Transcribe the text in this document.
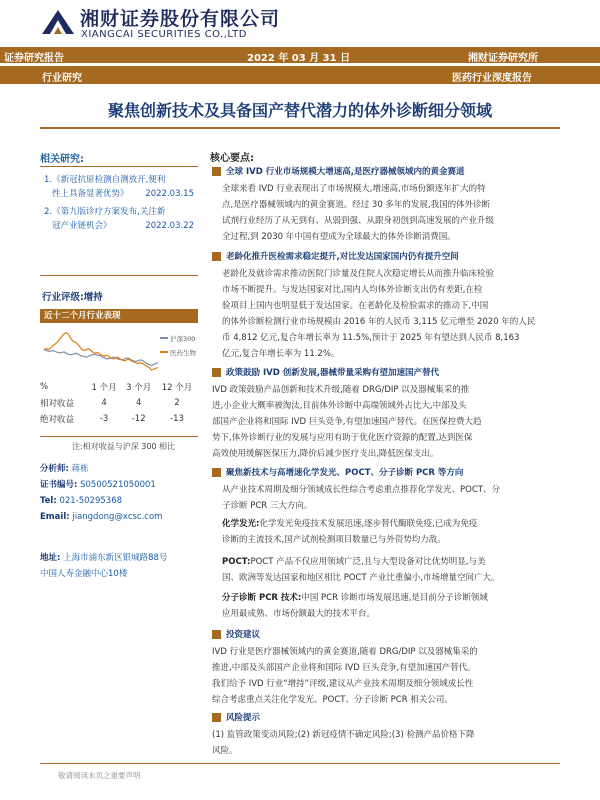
湘财证券股份有限公司
XIANGCAI SECURITIES CO.,LTD
证券研究报告	2022 年 03 月 31 日	湘财证券研究所
行业研究	医药行业深度报告
聚焦创新技术及具备国产替代潜力的体外诊断细分领域
相关研究:
1.《新冠抗原检测自测放开,便利
性上具备显著优势》 2022.03.15
2.《第九版诊疗方案发布,关注新
冠产业链机会》	2022.03.22
行业评级:增持
近十二个月行业表现
沪深300
医药生物
%	1 个月	3 个月	12 个月
相对收益	4	4	2
绝对收益	-3	-12	-13
注:相对收益与沪深 300 相比
分析师: 蒋栋
证书编号: S0500521050001
Tel: 021-50295368
Email: jiangdong@xcsc.com
地址: 上海市浦东新区银城路88号
中国人寿金融中心10楼
核心要点:
全球 IVD 行业市场规模大增速高,是医疗器械领域内的黄金赛道
全球来看 IVD 行业表现出了市场规模大,增速高,市场份额逐年扩大的特
点,是医疗器械领域内的黄金赛道。经过 30 多年的发展,我国的体外诊断
试剂行业经历了从无到有、从弱到强、从跟身初创到高速发展的产业升级
全过程,到 2030 年中国有望成为全球最大的体外诊断消费国。
老龄化推升医检需求稳定提升,对比发达国家国内仍有提升空间
老龄化及就诊需求推动医院门诊量及住院人次稳定增长从而推升临床检验
市场不断提升。与发达国家对比,国内人均体外诊断支出仍有差距,在检
验项目上国内也明显低于发达国家。在老龄化及检验需求的推动下,中国
的体外诊断检测行业市场规模由 2016 年的人民币 3,115 亿元增至 2020 年的人民
币 4,812 亿元,复合年增长率为 11.5%,预计于 2025 年有望达到人民币 8,163
亿元,复合年增长率为 11.2%。
政策鼓励 IVD 创新发展,器械带量采购有望加速国产替代
IVD 政策鼓励产品创新和技术升级,随着 DRG/DIP 以及器械集采的推
进,小企业大概率被淘汰,目前体外诊断中高端领域外占比大,中部及头
部国产企业将和国际 IVD 巨头竞争,有望加速国产替代。在医保控费大趋
势下,体外诊断行业的发展与应用有助于优化医疗资源的配置,达到医保
高效使用缓解医保压力,降价后减少医疗支出,降低医保支出。
聚焦新技术与高增速化学发光、POCT、分子诊断 PCR 等方向
从产业技术周期及细分领域成长性综合考虑重点推荐化学发光、POCT、分
子诊断 PCR 三大方向。
化学发光:化学发光免疫技术发展迅速,逐步替代酶联免疫,已成为免疫
诊断的主流技术,国产试剂检测项目数量已与外资势均力敌。
POCT:POCT 产品不仅应用领域广泛,且与大型设备对比优势明显,与美
国、欧洲等发达国家和地区相比 POCT 产业比重偏小,市场增量空间广大。
分子诊断 PCR 技术:中国 PCR 诊断市场发展迅速,是目前分子诊断领域
应用最成熟、市场份额最大的技术平台。
投资建议
IVD 行业是医疗器械领域内的黄金赛道,随着 DRG/DIP 以及器械集采的
推进,中部及头部国产企业将和国际 IVD 巨头竞争,有望加速国产替代。
我们给予 IVD 行业“增持”评级,建议从产业技术周期及细分领域成长性
综合考虑重点关注化学发光、POCT、分子诊断 PCR 相关公司。
风险提示
(1) 监管政策变动风险;(2) 新冠疫情不确定风险;(3) 检测产品价格下降
风险。
敬请阅读末页之重要声明
